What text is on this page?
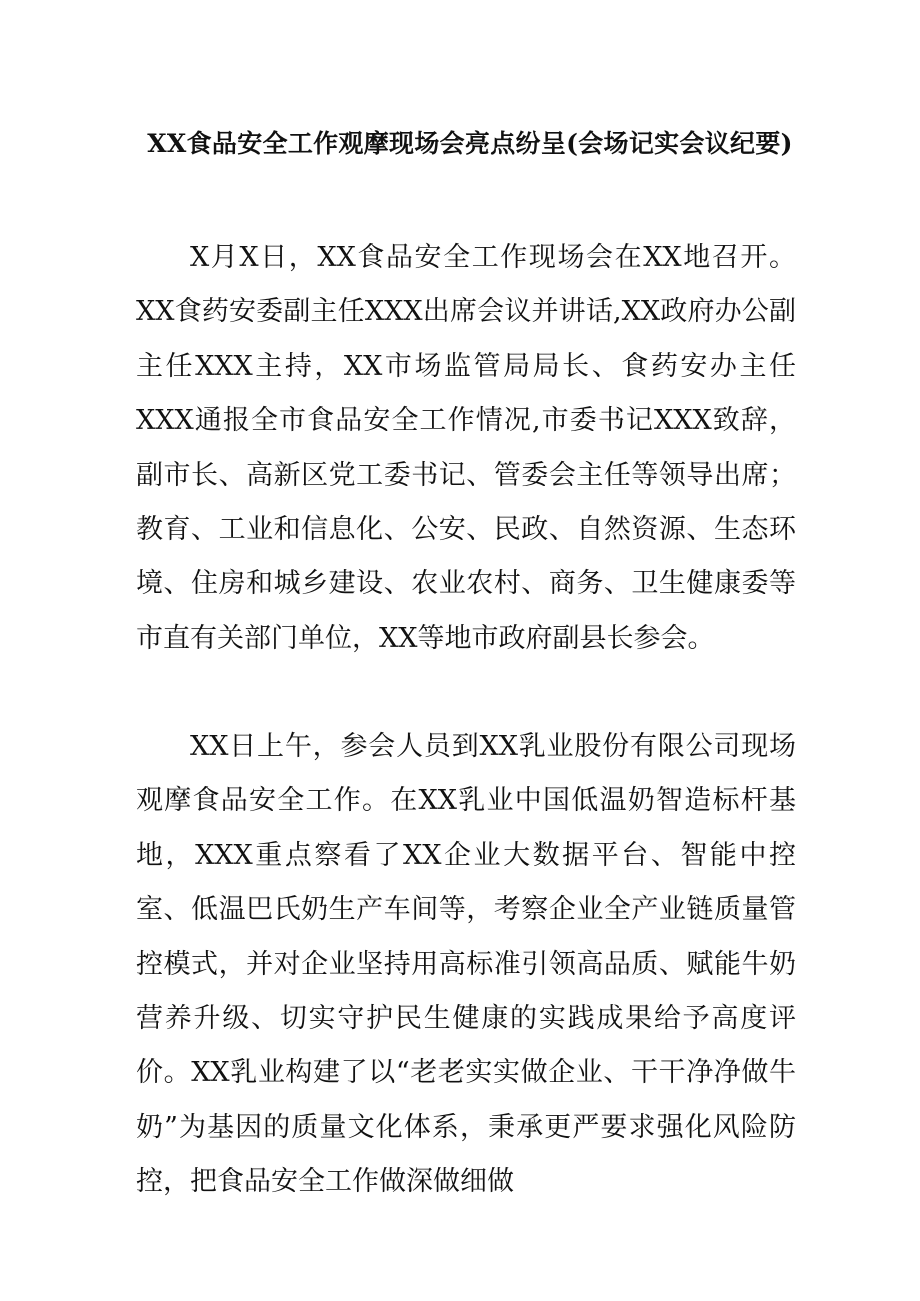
XX食品安全工作观摩现场会亮点纷呈(会场记实会议纪要)

X月X日，XX食品安全工作现场会在XX地召开。XX食药安委副主任XXX出席会议并讲话,XX政府办公副主任XXX主持，XX市场监管局局长、食药安办主任XXX通报全市食品安全工作情况,市委书记XXX致辞，副市长、高新区党工委书记、管委会主任等领导出席；教育、工业和信息化、公安、民政、自然资源、生态环境、住房和城乡建设、农业农村、商务、卫生健康委等市直有关部门单位，XX等地市政府副县长参会。

XX日上午，参会人员到XX乳业股份有限公司现场观摩食品安全工作。在XX乳业中国低温奶智造标杆基地，XXX重点察看了XX企业大数据平台、智能中控室、低温巴氏奶生产车间等，考察企业全产业链质量管控模式，并对企业坚持用高标准引领高品质、赋能牛奶营养升级、切实守护民生健康的实践成果给予高度评价。XX乳业构建了以“老老实实做企业、干干净净做牛奶”为基因的质量文化体系，秉承更严要求强化风险防控，把食品安全工作做深做细做
